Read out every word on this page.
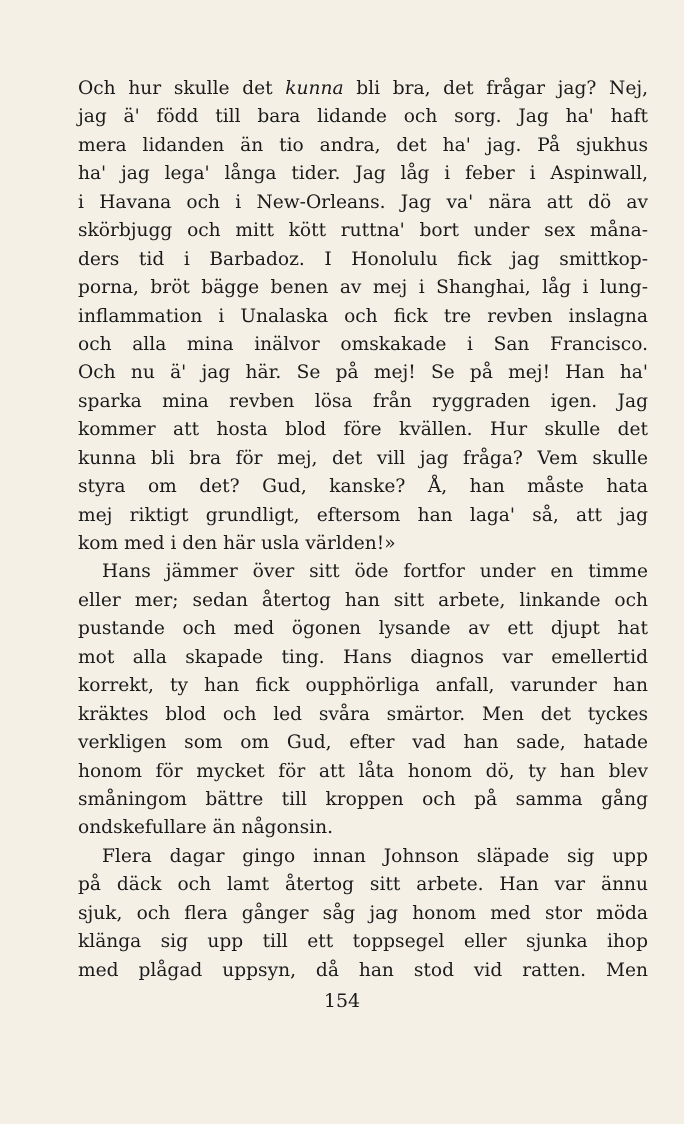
Och hur skulle det kunna bli bra, det frågar jag? Nej,
jag ä' född till bara lidande och sorg. Jag ha' haft
mera lidanden än tio andra, det ha' jag. På sjukhus
ha' jag lega' långa tider. Jag låg i feber i Aspinwall,
i Havana och i New-Orleans. Jag va' nära att dö av
skörbjugg och mitt kött ruttna' bort under sex måna-
ders tid i Barbadoz. I Honolulu fick jag smittkop-
porna, bröt bägge benen av mej i Shanghai, låg i lung-
inflammation i Unalaska och fick tre revben inslagna
och alla mina inälvor omskakade i San Francisco.
Och nu ä' jag här. Se på mej! Se på mej! Han ha'
sparka mina revben lösa från ryggraden igen. Jag
kommer att hosta blod före kvällen. Hur skulle det
kunna bli bra för mej, det vill jag fråga? Vem skulle
styra om det? Gud, kanske? Å, han måste hata
mej riktigt grundligt, eftersom han laga' så, att jag
kom med i den här usla världen!»
Hans jämmer över sitt öde fortfor under en timme
eller mer; sedan återtog han sitt arbete, linkande och
pustande och med ögonen lysande av ett djupt hat
mot alla skapade ting. Hans diagnos var emellertid
korrekt, ty han fick oupphörliga anfall, varunder han
kräktes blod och led svåra smärtor. Men det tyckes
verkligen som om Gud, efter vad han sade, hatade
honom för mycket för att låta honom dö, ty han blev
småningom bättre till kroppen och på samma gång
ondskefullare än någonsin.
Flera dagar gingo innan Johnson släpade sig upp
på däck och lamt återtog sitt arbete. Han var ännu
sjuk, och flera gånger såg jag honom med stor möda
klänga sig upp till ett toppsegel eller sjunka ihop
med plågad uppsyn, då han stod vid ratten. Men
154
